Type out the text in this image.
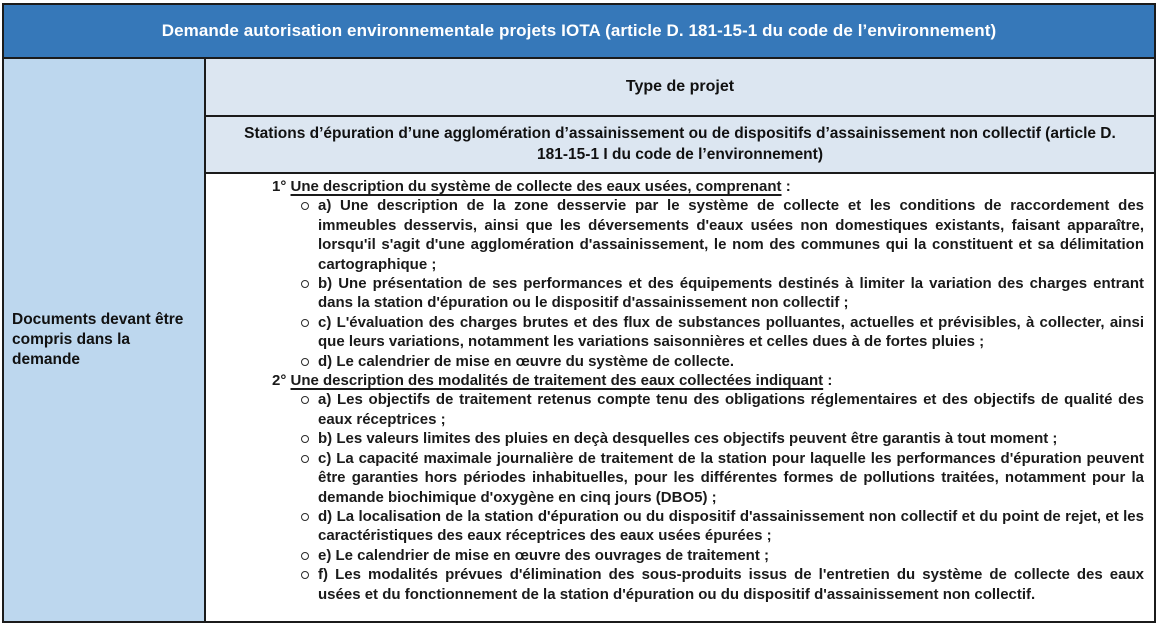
Demande autorisation environnementale projets IOTA (article D. 181-15-1 du code de l’environnement)
Documents devant être compris dans la demande
Type de projet
Stations d’épuration d’une agglomération d’assainissement ou de dispositifs d’assainissement non collectif (article D. 181-15-1 I du code de l’environnement)
1° Une description du système de collecte des eaux usées, comprenant :
a) Une description de la zone desservie par le système de collecte et les conditions de raccordement des immeubles desservis, ainsi que les déversements d'eaux usées non domestiques existants, faisant apparaître, lorsqu'il s'agit d'une agglomération d'assainissement, le nom des communes qui la constituent et sa délimitation cartographique ;
b) Une présentation de ses performances et des équipements destinés à limiter la variation des charges entrant dans la station d'épuration ou le dispositif d'assainissement non collectif ;
c) L'évaluation des charges brutes et des flux de substances polluantes, actuelles et prévisibles, à collecter, ainsi que leurs variations, notamment les variations saisonnières et celles dues à de fortes pluies ;
d) Le calendrier de mise en œuvre du système de collecte.
2° Une description des modalités de traitement des eaux collectées indiquant :
a) Les objectifs de traitement retenus compte tenu des obligations réglementaires et des objectifs de qualité des eaux réceptrices ;
b) Les valeurs limites des pluies en deçà desquelles ces objectifs peuvent être garantis à tout moment ;
c) La capacité maximale journalière de traitement de la station pour laquelle les performances d'épuration peuvent être garanties hors périodes inhabituelles, pour les différentes formes de pollutions traitées, notamment pour la demande biochimique d'oxygène en cinq jours (DBO5) ;
d) La localisation de la station d'épuration ou du dispositif d'assainissement non collectif et du point de rejet, et les caractéristiques des eaux réceptrices des eaux usées épurées ;
e) Le calendrier de mise en œuvre des ouvrages de traitement ;
f) Les modalités prévues d'élimination des sous-produits issus de l'entretien du système de collecte des eaux usées et du fonctionnement de la station d'épuration ou du dispositif d'assainissement non collectif.
